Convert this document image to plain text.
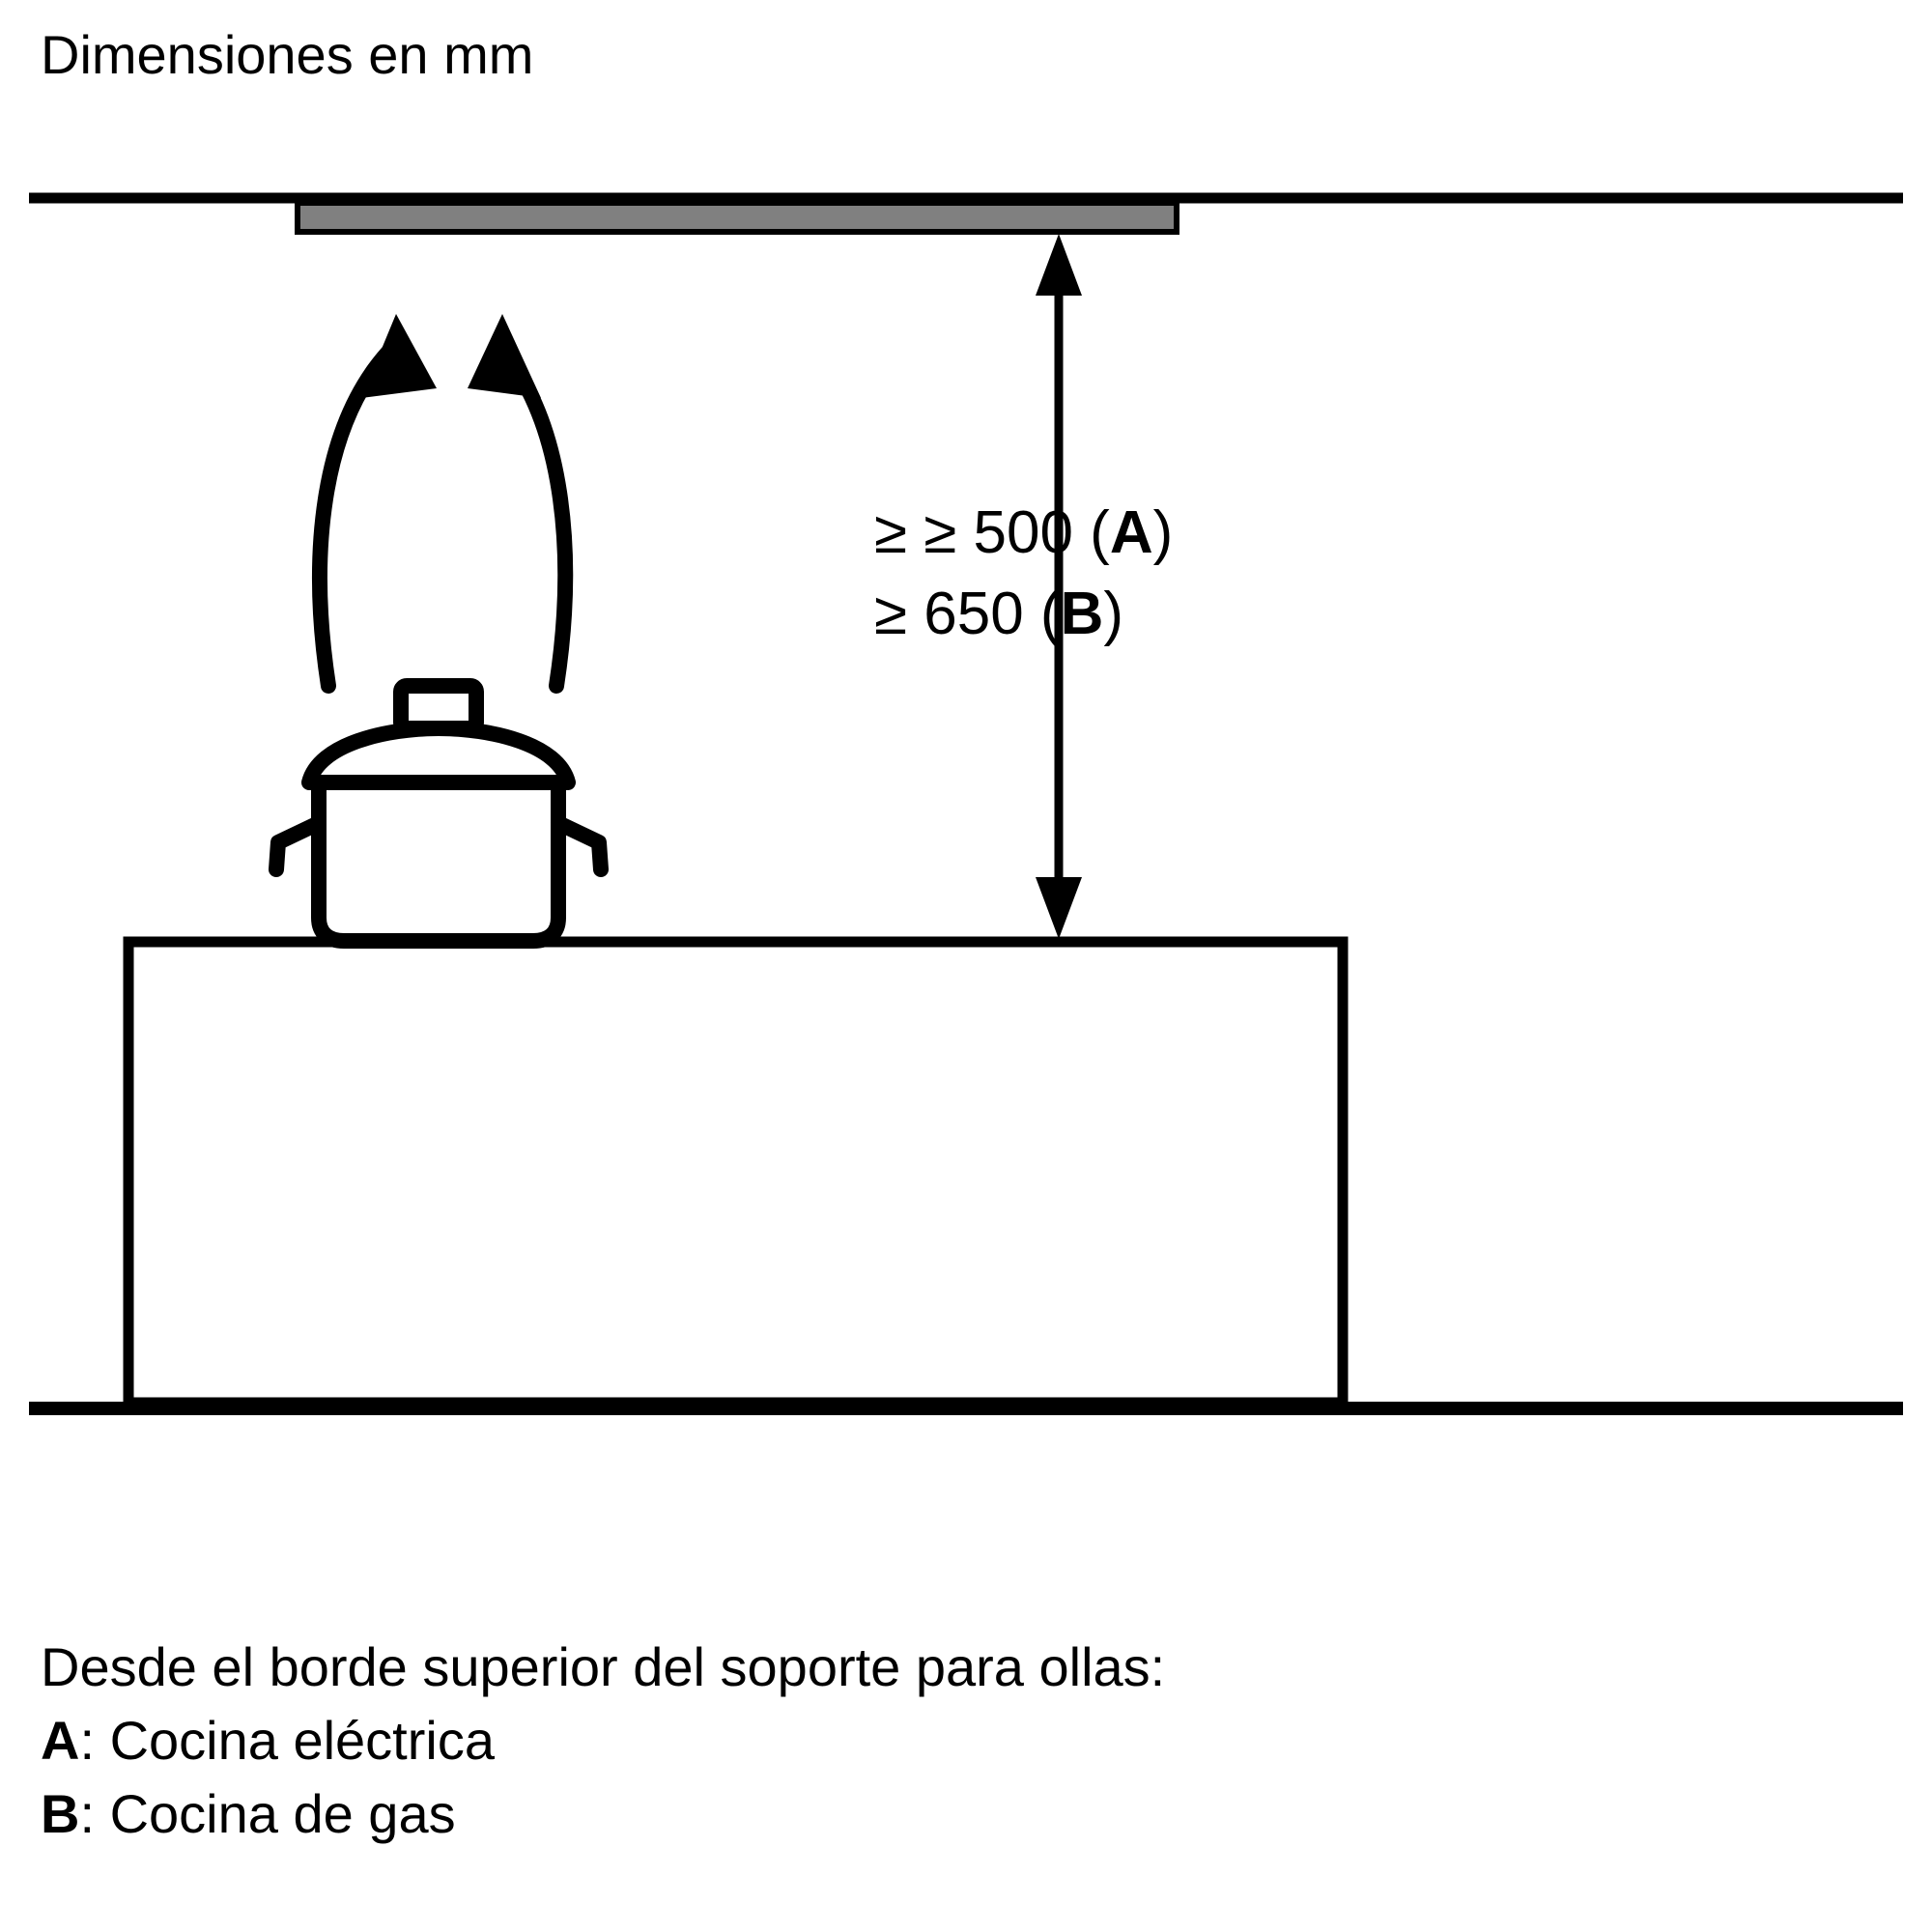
Dimensiones en mm
≥ ≥ 500 (A)
≥ 650 (B)
Desde el borde superior del soporte para ollas:
A: Cocina eléctrica
B: Cocina de gas
